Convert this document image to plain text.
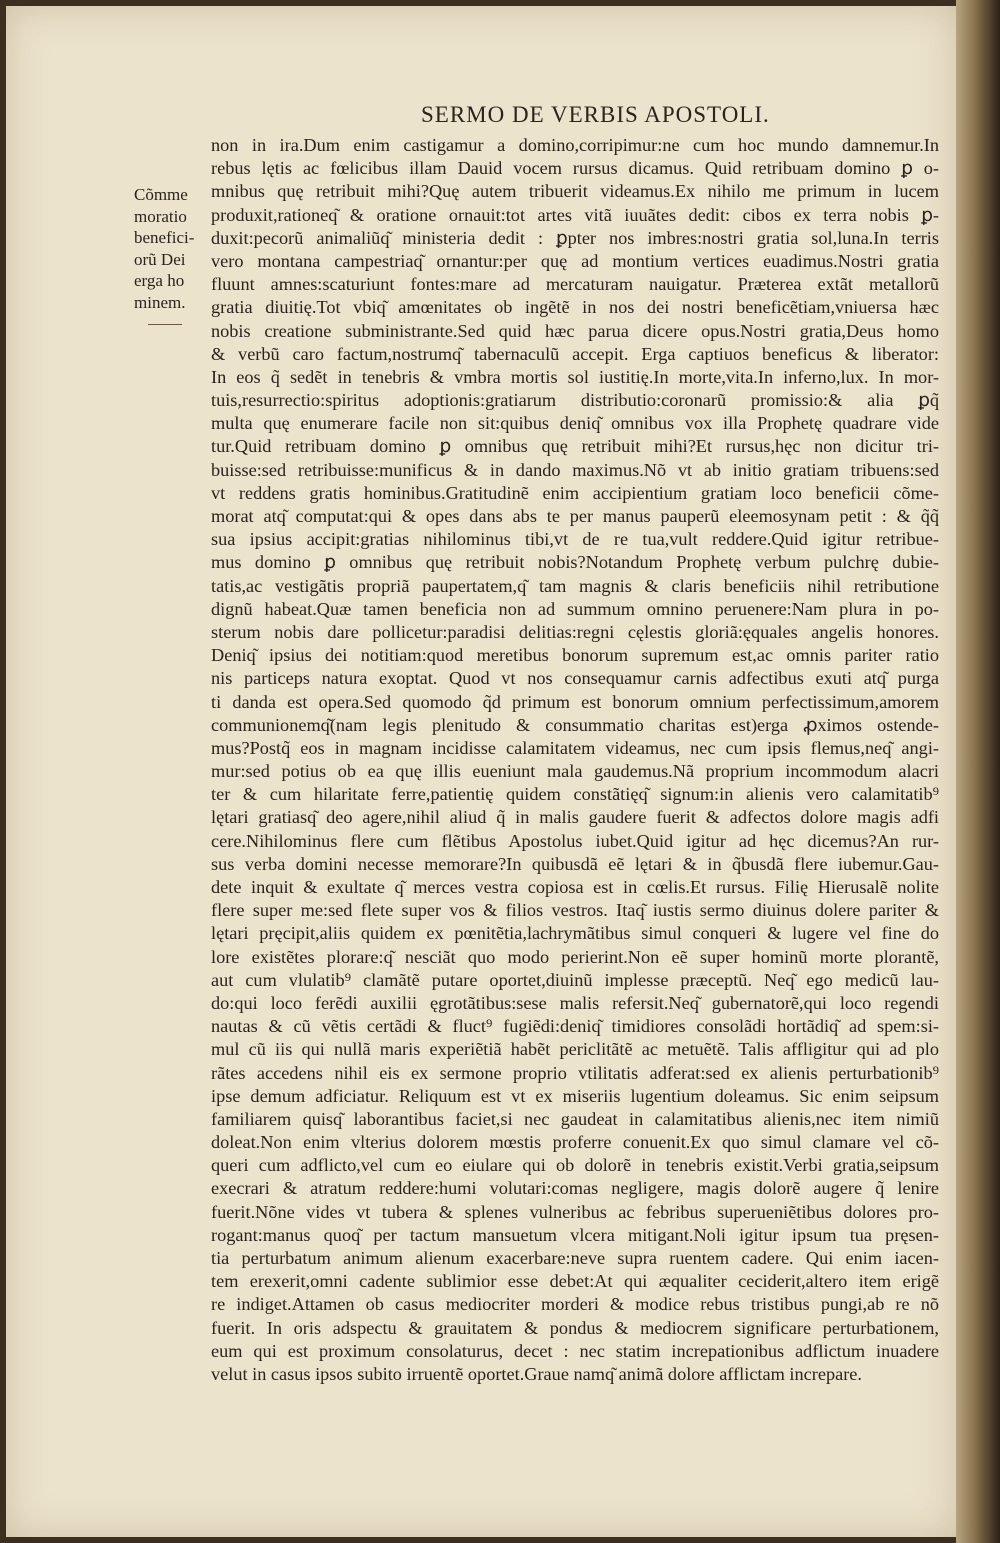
SERMO DE VERBIS APOSTOLI.
Cõmme
moratio
benefici-
orũ Dei
erga ho
minem.
non in ira.Dum enim castigamur a domino,corripimur:ne cum hoc mundo damnemur.In
rebus lętis ac fœlicibus illam Dauid vocem rursus dicamus. Quid retribuam domino ꝑ o-
mnibus quę retribuit mihi?Quę autem tribuerit videamus.Ex nihilo me primum in lucem
produxit,rationeq͂ & oratione ornauit:tot artes vitã iuuãtes dedit: cibos ex terra nobis ꝑ-
duxit:pecorũ animaliũq͂ ministeria dedit : ꝑpter nos imbres:nostri gratia sol,luna.In terris
vero montana campestriaq͂ ornantur:per quę ad montium vertices euadimus.Nostri gratia
fluunt amnes:scaturiunt fontes:mare ad mercaturam nauigatur. Præterea extãt metallorũ
gratia diuitię.Tot vbiq͂ amœnitates ob ingẽtẽ in nos dei nostri beneficẽtiam,vniuersa hæc
nobis creatione subministrante.Sed quid hæc parua dicere opus.Nostri gratia,Deus homo
& verbũ caro factum,nostrumq͂ tabernaculũ accepit. Erga captiuos beneficus & liberator:
In eos q̃ sedẽt in tenebris & vmbra mortis sol iustitię.In morte,vita.In inferno,lux. In mor-
tuis,resurrectio:spiritus adoptionis:gratiarum distributio:coronarũ promissio:& alia ꝑq̃
multa quę enumerare facile non sit:quibus deniq͂ omnibus vox illa Prophetę quadrare vide
tur.Quid retribuam domino ꝑ omnibus quę retribuit mihi?Et rursus,hęc non dicitur tri-
buisse:sed retribuisse:munificus & in dando maximus.Nõ vt ab initio gratiam tribuens:sed
vt reddens gratis hominibus.Gratitudinẽ enim accipientium gratiam loco beneficii cõme-
morat atq͂ computat:qui & opes dans abs te per manus pauperũ eleemosynam petit : & q̃q̃
sua ipsius accipit:gratias nihilominus tibi,vt de re tua,vult reddere.Quid igitur retribue-
mus domino ꝑ omnibus quę retribuit nobis?Notandum Prophetę verbum pulchrę dubie-
tatis,ac vestigãtis propriã paupertatem,q͂ tam magnis & claris beneficiis nihil retributione
dignũ habeat.Quæ tamen beneficia non ad summum omnino peruenere:Nam plura in po-
sterum nobis dare pollicetur:paradisi delitias:regni cęlestis gloriã:ęquales angelis honores.
Deniq͂ ipsius dei notitiam:quod meretibus bonorum supremum est,ac omnis pariter ratio
nis particeps natura exoptat. Quod vt nos consequamur carnis adfectibus exuti atq͂ purga
ti danda est opera.Sed quomodo q̃d primum est bonorum omnium perfectissimum,amorem
communionemq͂(nam legis plenitudo & consummatio charitas est)erga ꝓximos ostende-
mus?Postq̃ eos in magnam incidisse calamitatem videamus, nec cum ipsis flemus,neq͂ angi-
mur:sed potius ob ea quę illis eueniunt mala gaudemus.Nã proprium incommodum alacri
ter & cum hilaritate ferre,patientię quidem constãtięq͂ signum:in alienis vero calamitatib⁹
lętari gratiasq͂ deo agere,nihil aliud q̃ in malis gaudere fuerit & adfectos dolore magis adfi
cere.Nihilominus flere cum flẽtibus Apostolus iubet.Quid igitur ad hęc dicemus?An rur-
sus verba domini necesse memorare?In quibusdã eẽ lętari & in q̃busdã flere iubemur.Gau-
dete inquit & exultate q͂ merces vestra copiosa est in cœlis.Et rursus. Filię Hierusalẽ nolite
flere super me:sed flete super vos & filios vestros. Itaq͂ iustis sermo diuinus dolere pariter &
lętari pręcipit,aliis quidem ex pœnitẽtia,lachrymãtibus simul conqueri & lugere vel fine do
lore existẽtes plorare:q͂ nesciãt quo modo perierint.Non eẽ super hominũ morte plorantẽ,
aut cum vlulatib⁹ clamãtẽ putare oportet,diuinũ implesse præceptũ. Neq͂ ego medicũ lau-
do:qui loco ferẽdi auxilii ęgrotãtibus:sese malis refersit.Neq͂ gubernatorẽ,qui loco regendi
nautas & cũ vẽtis certãdi & fluct⁹ fugiẽdi:deniq͂ timidiores consolãdi hortãdiq͂ ad spem:si-
mul cũ iis qui nullã maris experiẽtiã habẽt periclitãtẽ ac metuẽtẽ. Talis affligitur qui ad plo
rãtes accedens nihil eis ex sermone proprio vtilitatis adferat:sed ex alienis perturbationib⁹
ipse demum adficiatur. Reliquum est vt ex miseriis lugentium doleamus. Sic enim seipsum
familiarem quisq͂ laborantibus faciet,si nec gaudeat in calamitatibus alienis,nec item nimiũ
doleat.Non enim vlterius dolorem mœstis proferre conuenit.Ex quo simul clamare vel cõ-
queri cum adflicto,vel cum eo eiulare qui ob dolorẽ in tenebris existit.Verbi gratia,seipsum
execrari & atratum reddere:humi volutari:comas negligere, magis dolorẽ augere q̃ lenire
fuerit.Nõne vides vt tubera & splenes vulneribus ac febribus superueniẽtibus dolores pro-
rogant:manus quoq͂ per tactum mansuetum vlcera mitigant.Noli igitur ipsum tua pręsen-
tia perturbatum animum alienum exacerbare:neve supra ruentem cadere. Qui enim iacen-
tem erexerit,omni cadente sublimior esse debet:At qui æqualiter ceciderit,altero item erigẽ
re indiget.Attamen ob casus mediocriter morderi & modice rebus tristibus pungi,ab re nõ
fuerit. In oris adspectu & grauitatem & pondus & mediocrem significare perturbationem,
eum qui est proximum consolaturus, decet : nec statim increpationibus adflictum inuadere
velut in casus ipsos subito irruentẽ oportet.Graue namq͂ animã dolore afflictam increpare.
